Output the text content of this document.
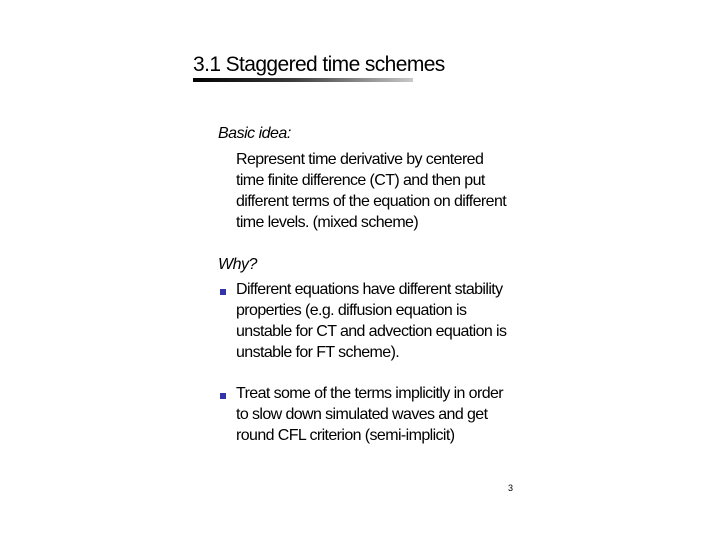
3.1 Staggered time schemes
Basic idea:
Represent time derivative by centered
time finite difference (CT) and then put
different terms of the equation on different
time levels. (mixed scheme)
Why?
Different equations have different stability
properties (e.g. diffusion equation is
unstable for CT and advection equation is
unstable for FT scheme).
Treat some of the terms implicitly in order
to slow down simulated waves and get
round CFL criterion (semi-implicit)
3
